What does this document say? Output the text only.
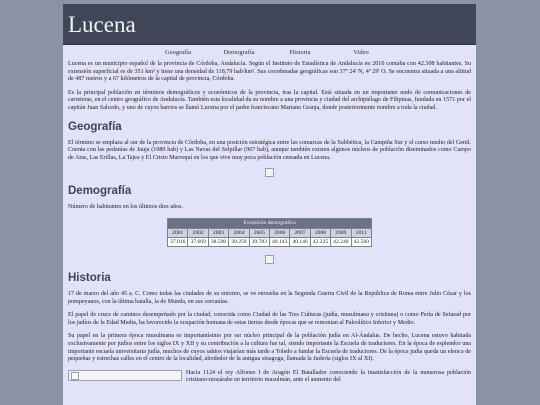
Lucena
Geografía	Demografía	Historia	Video

Lucena es un municipio español de la provincia de Córdoba, Andalucía. Según el Instituto de Estadística de Andalucía en 2010 contaba con 42.308 habitantes. Su extensión superficial es de 351 km² y tiene una densidad de 118,79 hab/km². Sus coordenadas geográficas son 37º 24' N, 4º 29' O. Se encuentra situada a una altitud de 487 metros y a 67 kilómetros de la capital de provincia, Córdoba.

Es la principal población en términos demográficos y económicos de la provincia, tras la capital. Está situada en un importante nudo de comunicaciones de carreteras, en el centro geográfico de Andalucía. También esta localidad da su nombre a una provincia y ciudad del archipiélago de Filipinas, fundada en 1571 por el capitán Juan Salcedo, y uno de cuyos barrios se llamó Lucena por el padre franciscano Mariano Granja, donde posteriormente nombre a toda la ciudad.

Geografía

El término se emplaza al sur de la provincia de Córdoba, en una posición estratégica entre las comarcas de la Subbética, la Campiña Sur y el curso medio del Genil. Cuenta con las pedanías de Jauja (1080 hab) y Las Navas del Selpillar (967 hab), aunque también existen algunos núcleos de población diseminados como Campo de Aras, Las Erillas, La Tajea y El Cristo Marroquí en los que vive muy poca población censada en Lucena.

Demografía

Número de habitantes en los últimos diez años.

Evolución demográfica									
2001	2002	2003	2004	2005	2006	2007	2008	2009	2011
37.016	37.669	38.590	39.259	39.783	40.143	40.146	42.225	42.248	42.560
Historia

17 de marzo del año 45 a. C. Como todas las ciudades de su entorno, se ve envuelta en la Segunda Guerra Civil de la República de Roma entre Julio César y los pompeyanos, con la última batalla, la de Munda, en sus cercanías.

El papel de cruce de caminos desempeñado por la ciudad, conocida como Ciudad de las Tres Culturas (judía, musulmana y cristiana) o como Perla de Sefarad por los judíos de la Edad Media, ha favorecido la ocupación humana de estas tierras desde épocas que se remontan al Paleolítico Inferior y Medio.

Su papel en la primera época musulmana es importantísimo por ser núcleo principal de la población judía en Al-Ándalus. De hecho, Lucena estuvo habitada exclusivamente por judíos entre los siglos IX y XII y su contribución a la cultura fue tal, siendo importante la Escuela de traductores. En la época de esplendor una importante escuela universitaria judía, muchos de cuyos sabios viajarían más tarde a Toledo a fundar la Escuela de traductores. De la época judía queda un elenco de pequeñas y estrechas calles en el centro de la localidad, alrededor de la antigua sinagoga, llamada la Judería (siglos IX al XI).

Hacia 1124 el rey Alfonso I de Aragón El Batallador conociendo la insatisfacción de la numerosa población cristiano-mozárabe en territorio musulmán, ante el aumento del
